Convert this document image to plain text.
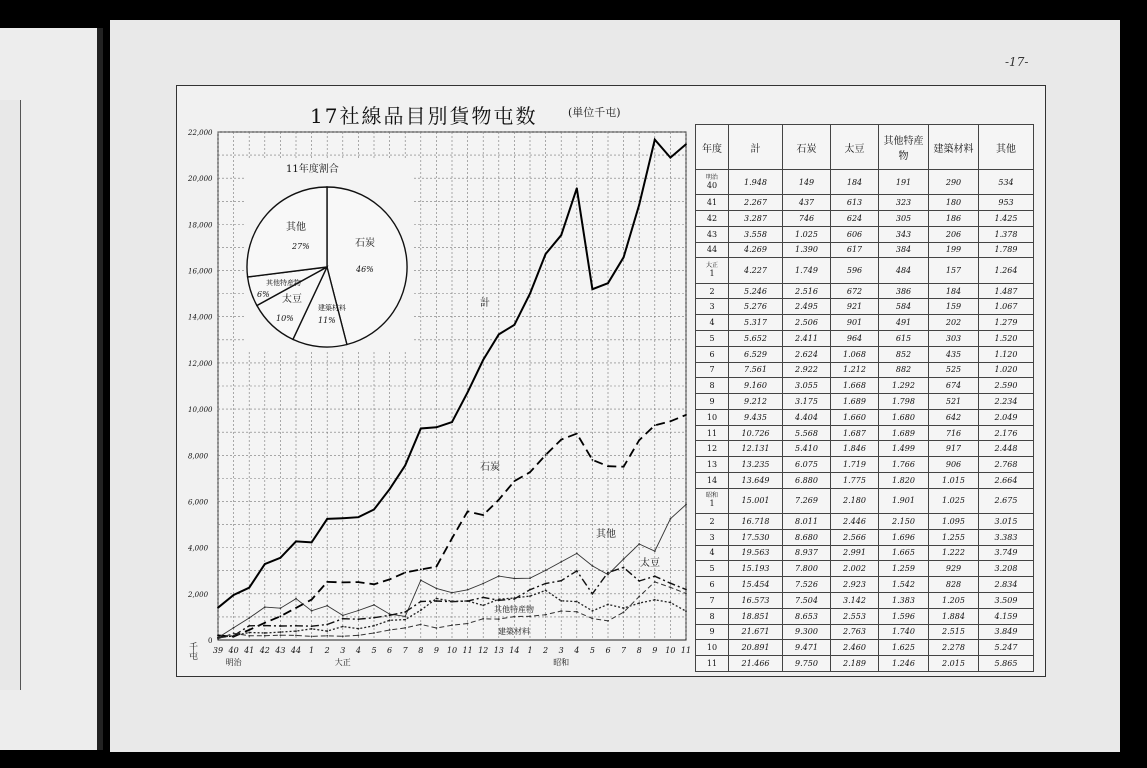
-17-
2,000
4,000
6,000
8,000
10,000
12,000
14,000
16,000
18,000
20,000
22,000
0
千屯 39 40 41 42 43 44 1 2 3 4 5 6 7 8 9 10 11 12 13 14 1 2 3 4 5 6 7 8 9 10 11
明治	大正	昭和
計
石炭
其他
太豆
其他特産物
建築材料
11年度割合
石炭
46%
建築材料
11%
太豆
10%
其他特産物
6%
其他
27%
17社線品目別貨物屯数	(単位千屯)
年度	計	石炭	太豆	其他特産物	建築材料	其他

明治
40	1.948	149	184	191	290	534
41	2.267	437	613	323	180	953
42	3.287	746	624	305	186	1.425
43	3.558	1.025	606	343	206	1.378
44	4.269	1.390	617	384	199	1.789

大正
1	4.227	1.749	596	484	157	1.264
2	5.246	2.516	672	386	184	1.487
3	5.276	2.495	921	584	159	1.067
4	5.317	2.506	901	491	202	1.279
5	5.652	2.411	964	615	303	1.520
6	6.529	2.624	1.068	852	435	1.120
7	7.561	2.922	1.212	882	525	1.020
8	9.160	3.055	1.668	1.292	674	2.590
9	9.212	3.175	1.689	1.798	521	2.234
10	9.435	4.404	1.660	1.680	642	2.049
11	10.726	5.568	1.687	1.689	716	2.176
12	12.131	5.410	1.846	1.499	917	2.448
13	13.235	6.075	1.719	1.766	906	2.768
14	13.649	6.880	1.775	1.820	1.015	2.664

昭和
1	15.001	7.269	2.180	1.901	1.025	2.675
2	16.718	8.011	2.446	2.150	1.095	3.015
3	17.530	8.680	2.566	1.696	1.255	3.383
4	19.563	8.937	2.991	1.665	1.222	3.749
5	15.193	7.800	2.002	1.259	929	3.208
6	15.454	7.526	2.923	1.542	828	2.834
7	16.573	7.504	3.142	1.383	1.205	3.509
8	18.851	8.653	2.553	1.596	1.884	4.159
9	21.671	9.300	2.763	1.740	2.515	3.849
10	20.891	9.471	2.460	1.625	2.278	5.247
11	21.466	9.750	2.189	1.246	2.015	5.865
